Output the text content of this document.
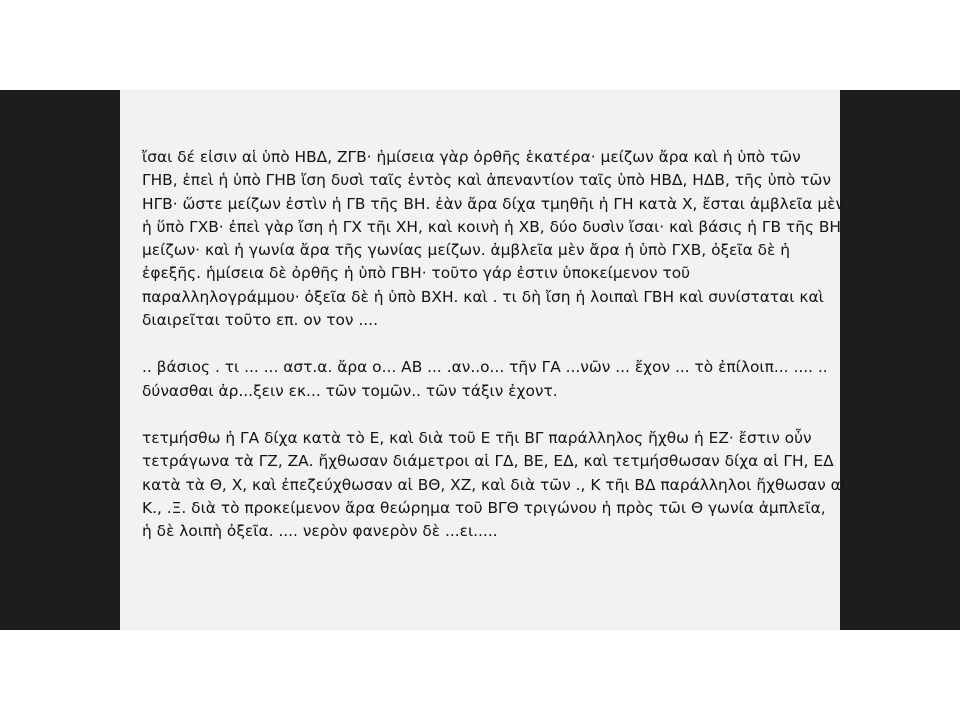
ἴσαι δέ εἰσιν αἱ ὑπὸ ΗΒΔ, ΖΓΒ· ἡμίσεια γὰρ ὀρθῆς ἑκατέρα· μείζων ἄρα καὶ ἡ ὑπὸ τῶν
ΓΗΒ, ἐπεὶ ἡ ὑπὸ ΓΗΒ ἴση δυσὶ ταῖς ἐντὸς καὶ ἀπεναντίον ταῖς ὑπὸ ΗΒΔ, ΗΔΒ, τῆς ὑπὸ τῶν
ΗΓΒ· ὥστε μείζων ἐστὶν ἡ ΓΒ τῆς ΒΗ. ἐὰν ἄρα δίχα τμηθῆι ἡ ΓΗ κατὰ Χ, ἔσται ἀμβλεῖα μὲν
ἡ ὕπὸ ΓΧΒ· ἐπεὶ γὰρ ἴση ἡ ΓΧ τῆι ΧΗ, καὶ κοινὴ ἡ ΧΒ, δύο δυσὶν ἴσαι· καὶ βάσις ἡ ΓΒ τῆς ΒΗ
μείζων· καὶ ἡ γωνία ἄρα τῆς γωνίας μείζων. ἀμβλεῖα μὲν ἄρα ἡ ὑπὸ ΓΧΒ, ὀξεῖα δὲ ἡ
ἐφεξῆς. ἡμίσεια δὲ ὀρθῆς ἡ ὑπὸ ΓΒΗ· τοῦτο γάρ ἐστιν ὑποκείμενον τοῦ
παραλληλογράμμου· ὀξεῖα δὲ ἡ ὑπὸ ΒΧΗ. καὶ . τι δὴ ἴση ἡ λοιπαὶ ΓΒΗ καὶ συνίσταται καὶ
διαιρεῖται τοῦτο επ. ον τον ....
.. βάσιος . τι ... ... αστ.α. ἄρα ο... ΑΒ ... .αν..ο... τῆν ΓΑ ...νῶν ... ἔχον ... τὸ ἐπίλοιπ... .... ..
δύνασθαι ἀρ...ξειν εκ... τῶν τομῶν.. τῶν τάξιν ἐχοντ.
τετμήσθω ἡ ΓΑ δίχα κατὰ τὸ Ε, καὶ διὰ τοῦ Ε τῆι ΒΓ παράλληλος ἤχθω ἡ ΕΖ· ἔστιν οὖν
τετράγωνα τὰ ΓΖ, ΖΑ. ἤχθωσαν διάμετροι αἱ ΓΔ, ΒΕ, ΕΔ, καὶ τετμήσθωσαν δίχα αἱ ΓΗ, ΕΔ
κατὰ τὰ Θ, Χ, καὶ ἐπεζεύχθωσαν αἱ ΒΘ, ΧΖ, καὶ διὰ τῶν ., Κ τῆι ΒΔ παράλληλοι ἤχθωσαν αἱ
Κ., .Ξ. διὰ τὸ προκείμενον ἄρα θεώρημα τοῦ ΒΓΘ τριγώνου ἡ πρὸς τῶι Θ γωνία ἀμπλεῖα,
ἡ δὲ λοιπὴ ὀξεῖα. .... νερὸν φανερὸν δὲ ...ει.....
